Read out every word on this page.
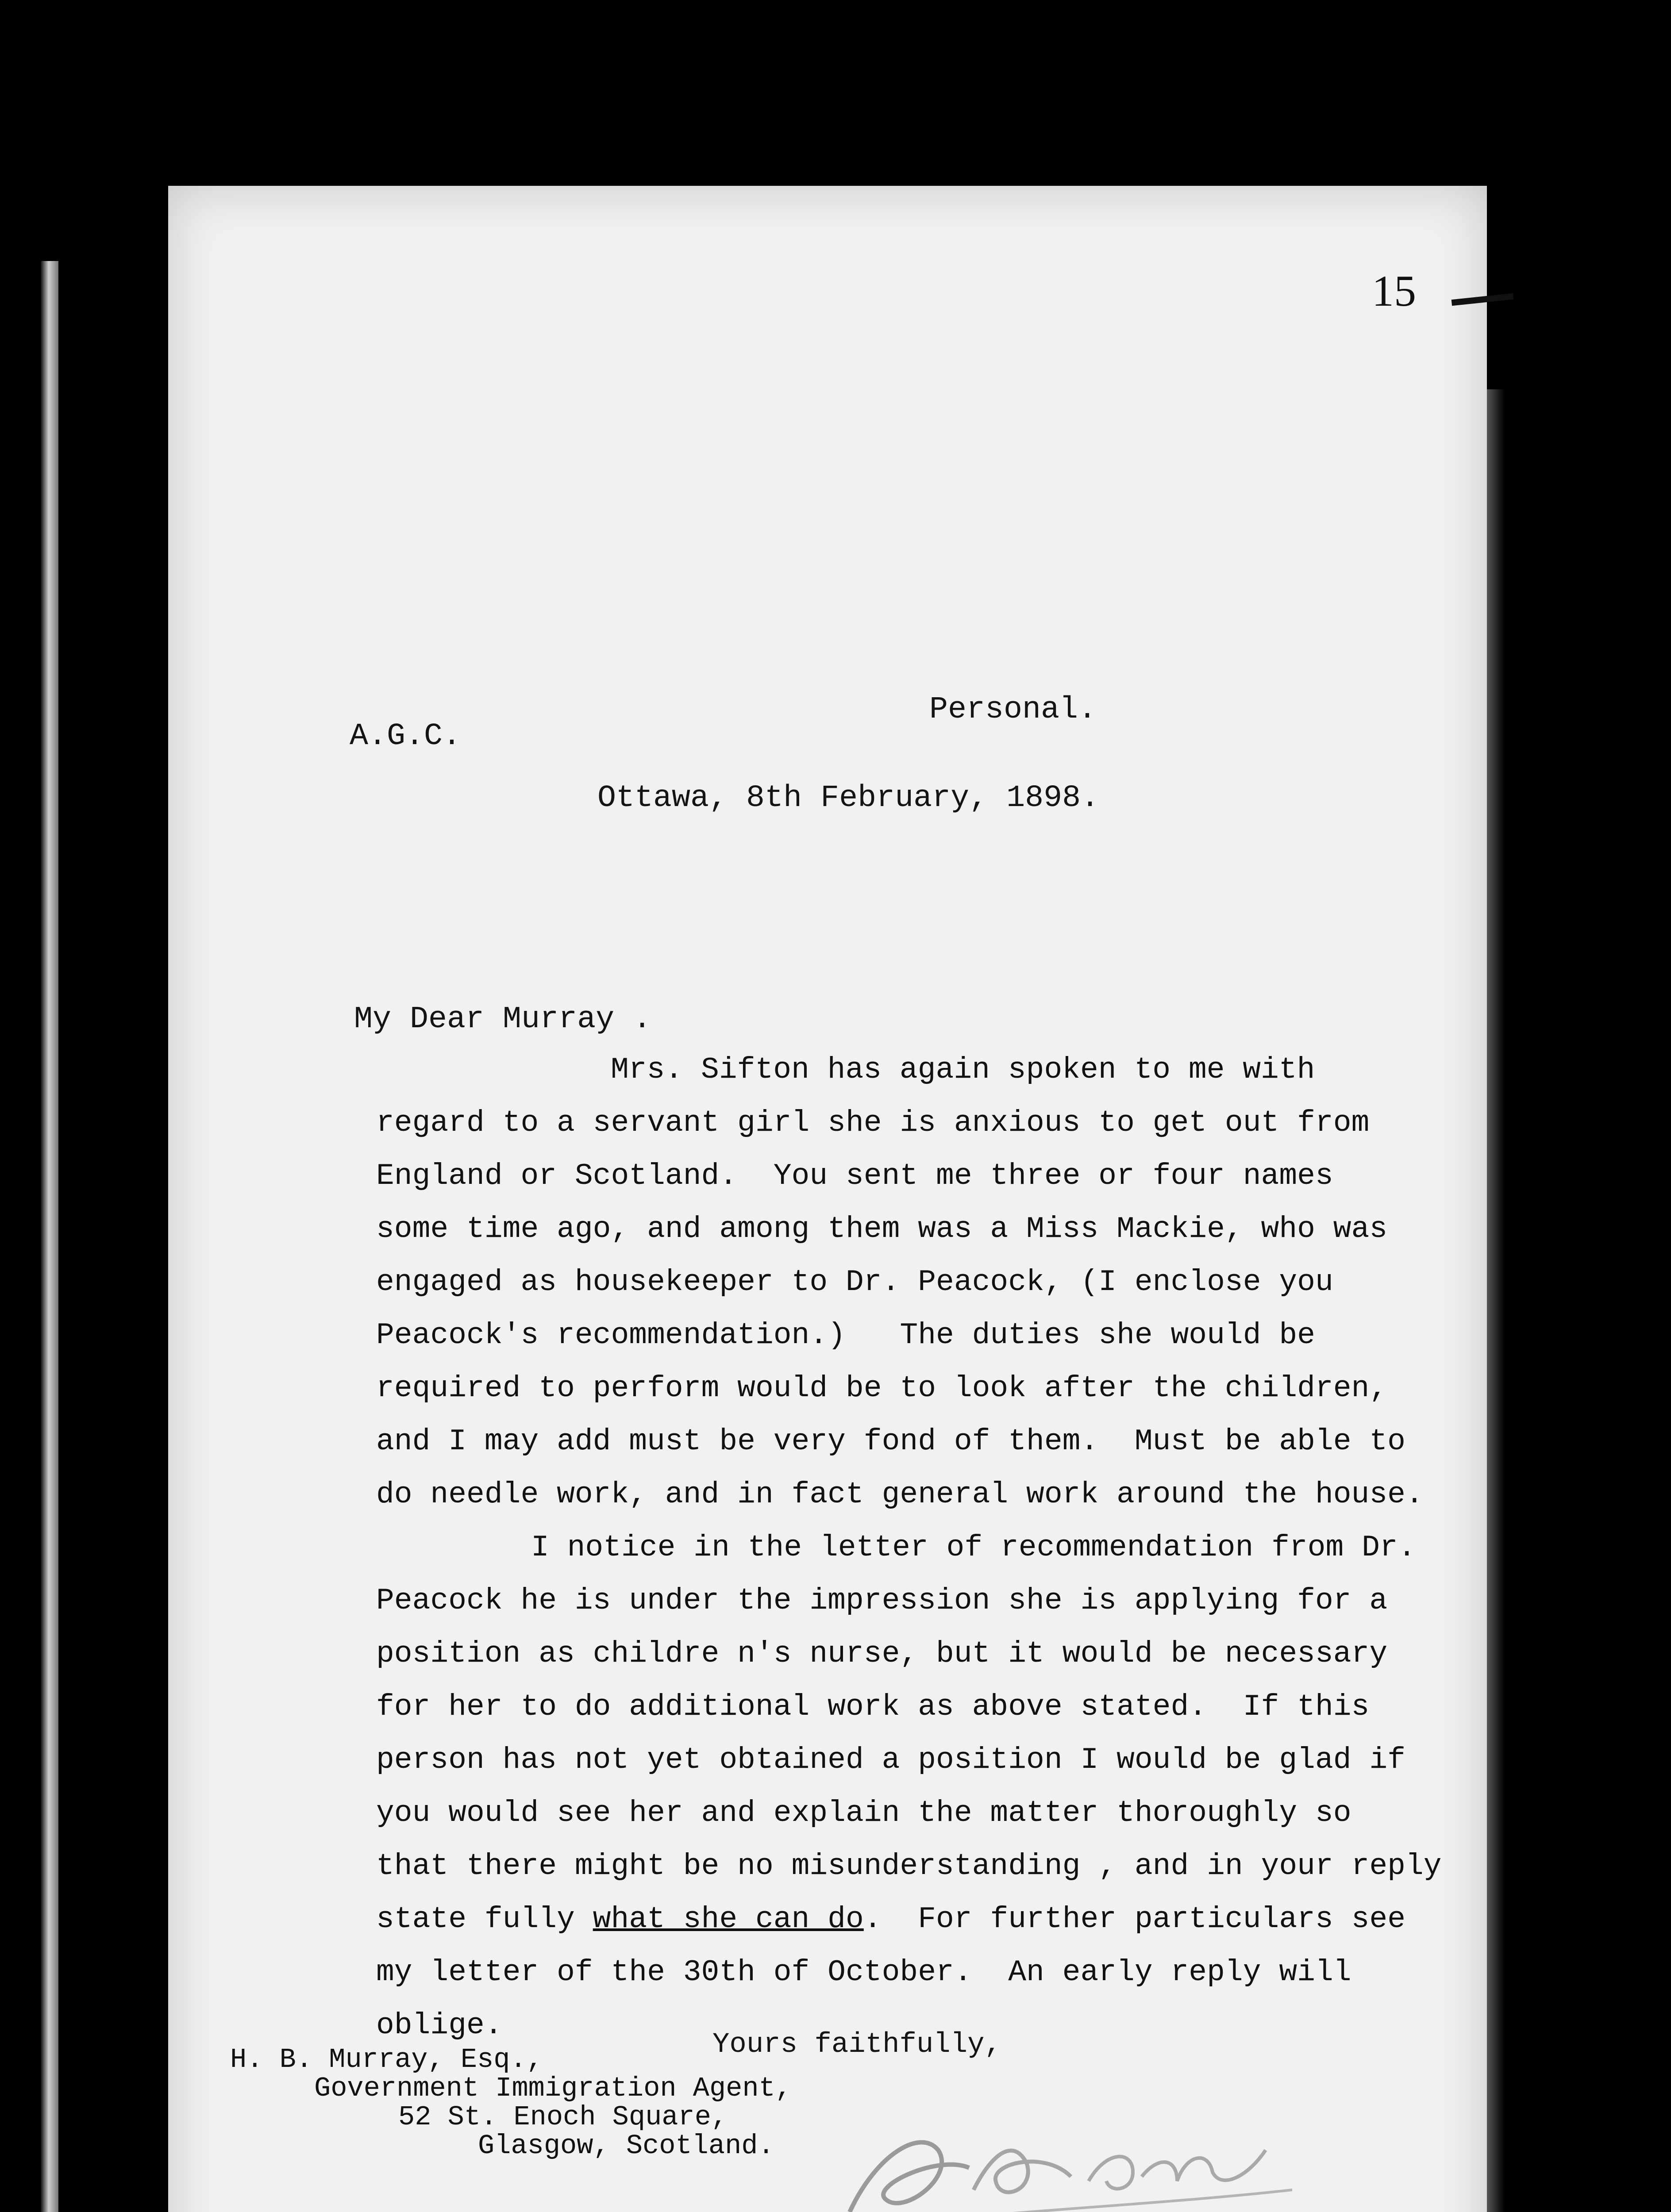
15
A.G.C.
Personal.
Ottawa, 8th February, 1898.
My Dear Murray .
Mrs. Sifton has again spoken to me with
regard to a servant girl she is anxious to get out from
England or Scotland.  You sent me three or four names
some time ago, and among them was a Miss Mackie, who was
engaged as housekeeper to Dr. Peacock, (I enclose you
Peacock's recommendation.)   The duties she would be
required to perform would be to look after the children,
and I may add must be very fond of them.  Must be able to
do needle work, and in fact general work around the house.
I notice in the letter of recommendation from Dr.
Peacock he is under the impression she is applying for a
position as childre n's nurse, but it would be necessary
for her to do additional work as above stated.  If this
person has not yet obtained a position I would be glad if
you would see her and explain the matter thoroughly so
that there might be no misunderstanding , and in your reply
state fully what she can do.  For further particulars see
my letter of the 30th of October.  An early reply will
oblige.
Yours faithfully,
H. B. Murray, Esq.,
Government Immigration Agent,
52 St. Enoch Square,
Glasgow, Scotland.
